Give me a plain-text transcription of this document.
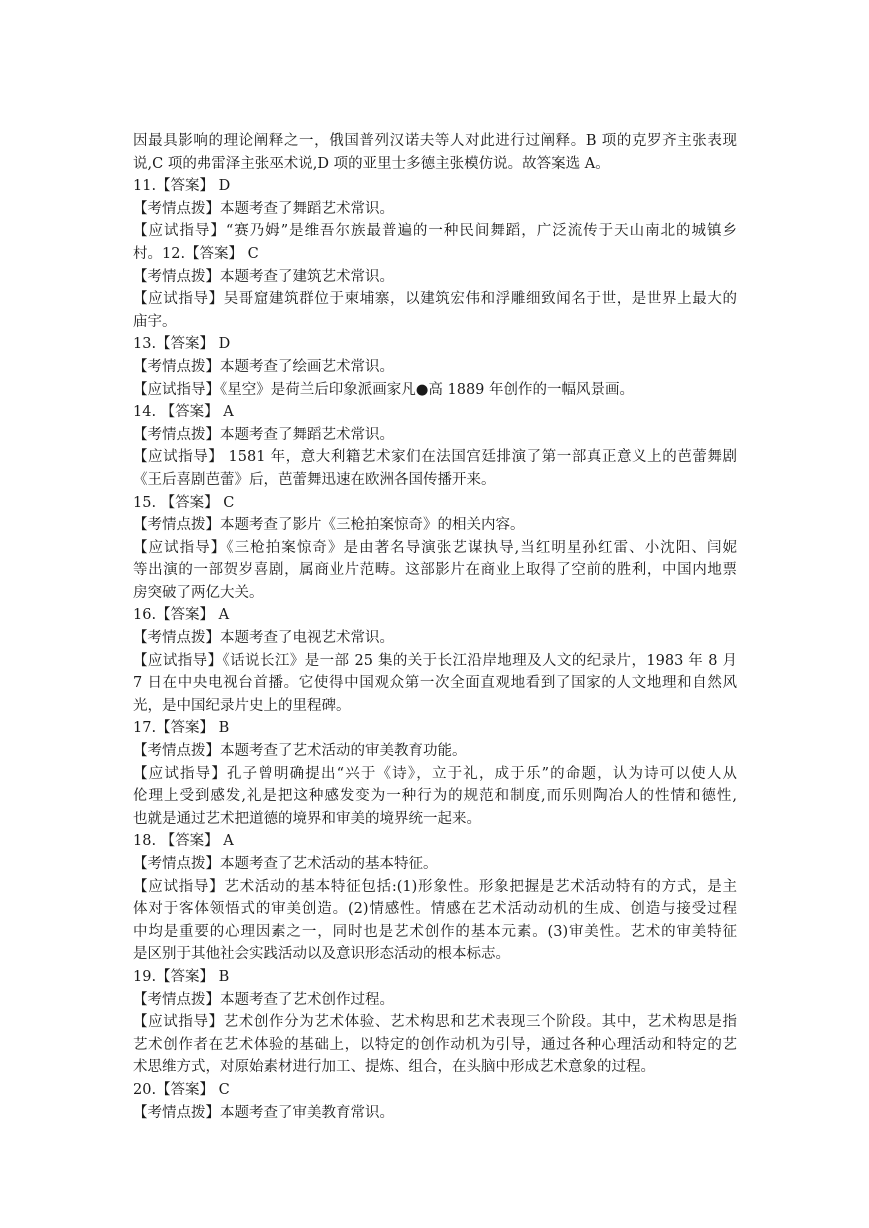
因最具影响的理论阐释之一，俄国普列汉诺夫等人对此进行过阐释。B 项的克罗齐主张表现
说,C 项的弗雷泽主张巫术说,D 项的亚里士多德主张模仿说。故答案选 A。
11.【答案】 D
【考情点拨】本题考查了舞蹈艺术常识。
【应试指导】“赛乃姆”是维吾尔族最普遍的一种民间舞蹈，广泛流传于天山南北的城镇乡
村。12.【答案】 C
【考情点拨】本题考查了建筑艺术常识。
【应试指导】吴哥窟建筑群位于柬埔寨，以建筑宏伟和浮雕细致闻名于世，是世界上最大的
庙宇。
13.【答案】 D
【考情点拨】本题考查了绘画艺术常识。
【应试指导】《星空》是荷兰后印象派画家凡●高 1889 年创作的一幅风景画。
14. 【答案】 A
【考情点拨】本题考查了舞蹈艺术常识。
【应试指导】 1581 年，意大利籍艺术家们在法国宫廷排演了第一部真正意义上的芭蕾舞剧
《王后喜剧芭蕾》后，芭蕾舞迅速在欧洲各国传播开来。
15. 【答案】 C
【考情点拨】本题考查了影片《三枪拍案惊奇》的相关内容。
【应试指导】《三枪拍案惊奇》是由著名导演张艺谋执导,当红明星孙红雷、小沈阳、闫妮
等出演的一部贺岁喜剧，属商业片范畴。这部影片在商业上取得了空前的胜利，中国内地票
房突破了两亿大关。
16.【答案】 A
【考情点拨】本题考查了电视艺术常识。
【应试指导】《话说长江》是一部 25 集的关于长江沿岸地理及人文的纪录片，1983 年 8 月
7 日在中央电视台首播。它使得中国观众第一次全面直观地看到了国家的人文地理和自然风
光，是中国纪录片史上的里程碑。
17.【答案】 B
【考情点拨】本题考查了艺术活动的审美教育功能。
【应试指导】孔子曾明确提出“兴于《诗》，立于礼，成于乐”的命题，认为诗可以使人从
伦理上受到感发,礼是把这种感发变为一种行为的规范和制度,而乐则陶冶人的性情和德性,
也就是通过艺术把道德的境界和审美的境界统一起来。
18. 【答案】 A
【考情点拨】本题考查了艺术活动的基本特征。
【应试指导】艺术活动的基本特征包括:(1)形象性。形象把握是艺术活动特有的方式，是主
体对于客体领悟式的审美创造。(2)情感性。情感在艺术活动动机的生成、创造与接受过程
中均是重要的心理因素之一，同时也是艺术创作的基本元素。(3)审美性。艺术的审美特征
是区别于其他社会实践活动以及意识形态活动的根本标志。
19.【答案】 B
【考情点拨】本题考查了艺术创作过程。
【应试指导】艺术创作分为艺术体验、艺术构思和艺术表现三个阶段。其中，艺术构思是指
艺术创作者在艺术体验的基础上，以特定的创作动机为引导，通过各种心理活动和特定的艺
术思维方式，对原始素材进行加工、提炼、组合，在头脑中形成艺术意象的过程。
20.【答案】 C
【考情点拨】本题考查了审美教育常识。
